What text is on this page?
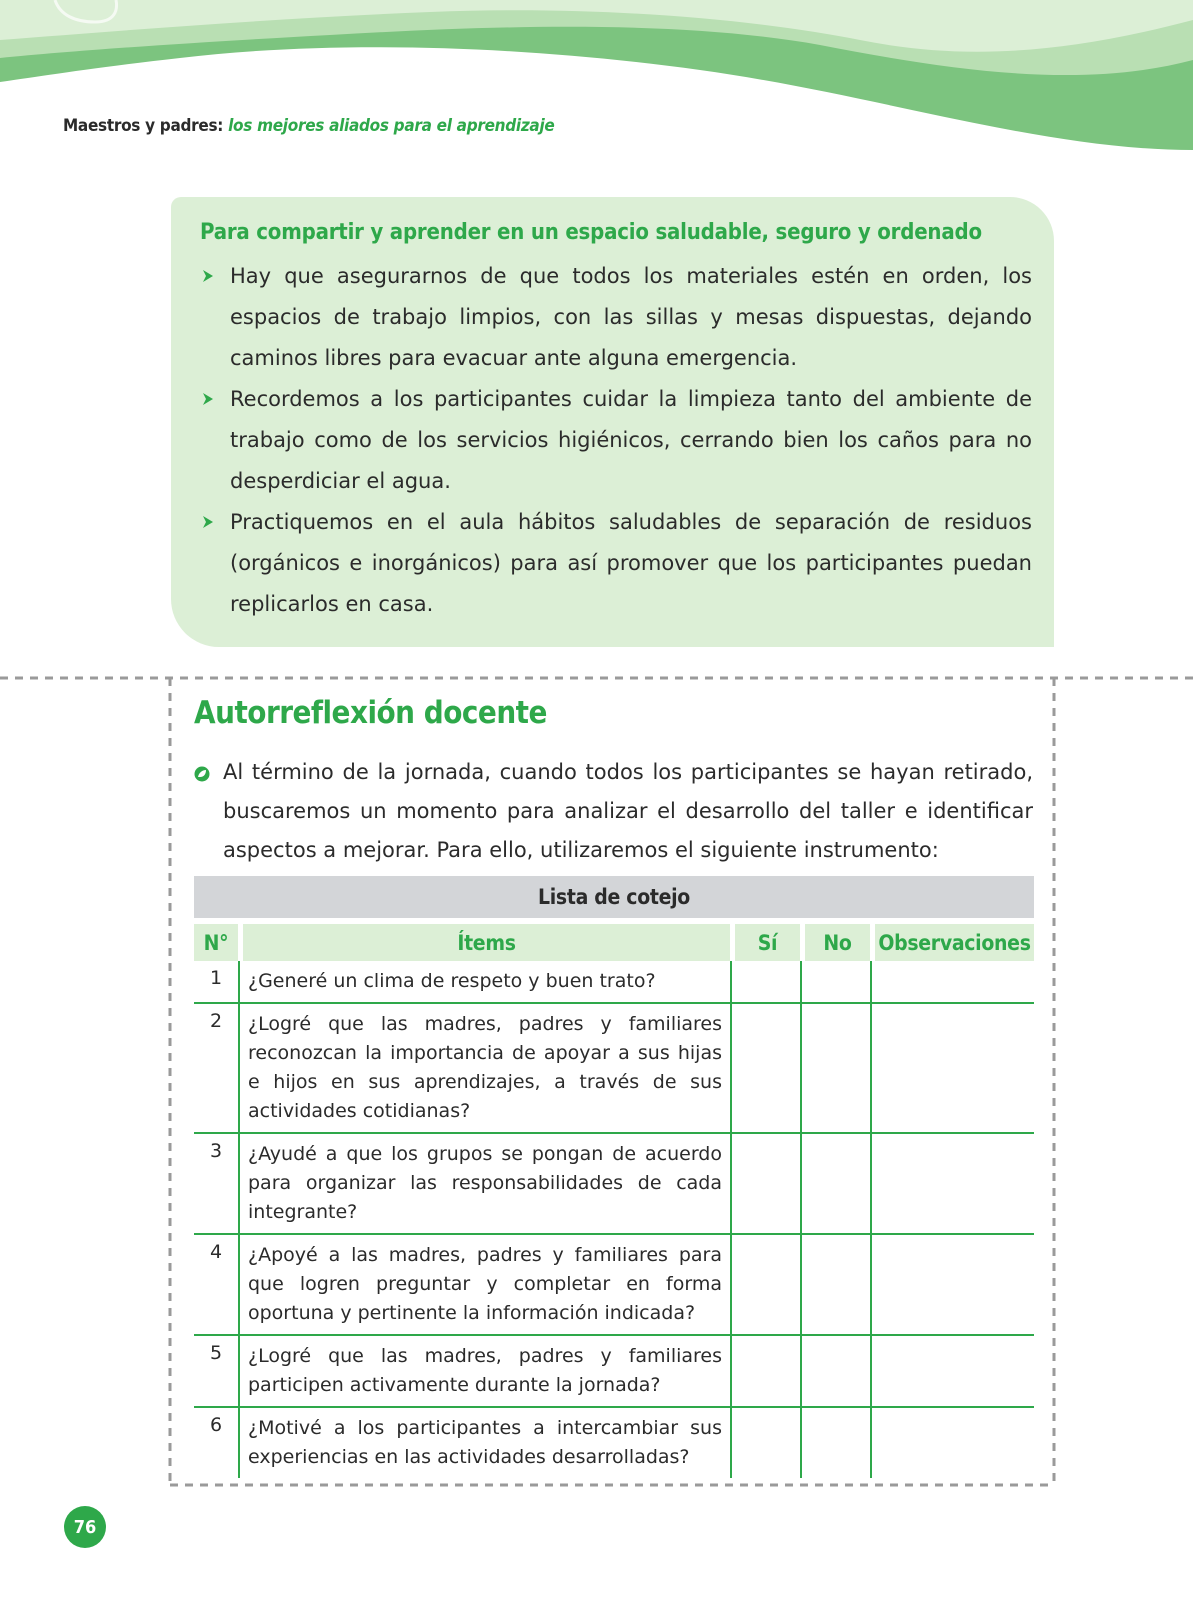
Maestros y padres: los mejores aliados para el aprendizaje
Para compartir y aprender en un espacio saludable, seguro y ordenado
Hay que asegurarnos de que todos los materiales estén en orden, los espacios de trabajo limpios, con las sillas y mesas dispuestas, dejando caminos libres para evacuar ante alguna emergencia.
Recordemos a los participantes cuidar la limpieza tanto del ambiente de trabajo como de los servicios higiénicos, cerrando bien los caños para no desperdiciar el agua.
Practiquemos en el aula hábitos saludables de separación de residuos (orgánicos e inorgánicos) para así promover que los participantes puedan replicarlos en casa.
Autorreflexión docente
Al término de la jornada, cuando todos los participantes se hayan retirado, buscaremos un momento para analizar el desarrollo del taller e identificar aspectos a mejorar. Para ello, utilizaremos el siguiente instrumento:
Lista de cotejo				

N°	Ítems	Sí	No	Observaciones
1	¿Generé un clima de respeto y buen trato?			
2	¿Logré que las madres, padres y familiares reconozcan la importancia de apoyar a sus hijas e hijos en sus aprendizajes, a través de sus actividades cotidianas?			
3	¿Ayudé a que los grupos se pongan de acuerdo para organizar las responsabilidades de cada integrante?			
4	¿Apoyé a las madres, padres y familiares para que logren preguntar y completar en forma oportuna y pertinente la información indicada?			
5	¿Logré que las madres, padres y familiares participen activamente durante la jornada?			
6	¿Motivé a los participantes a intercambiar sus experiencias en las actividades desarrolladas?			
76
